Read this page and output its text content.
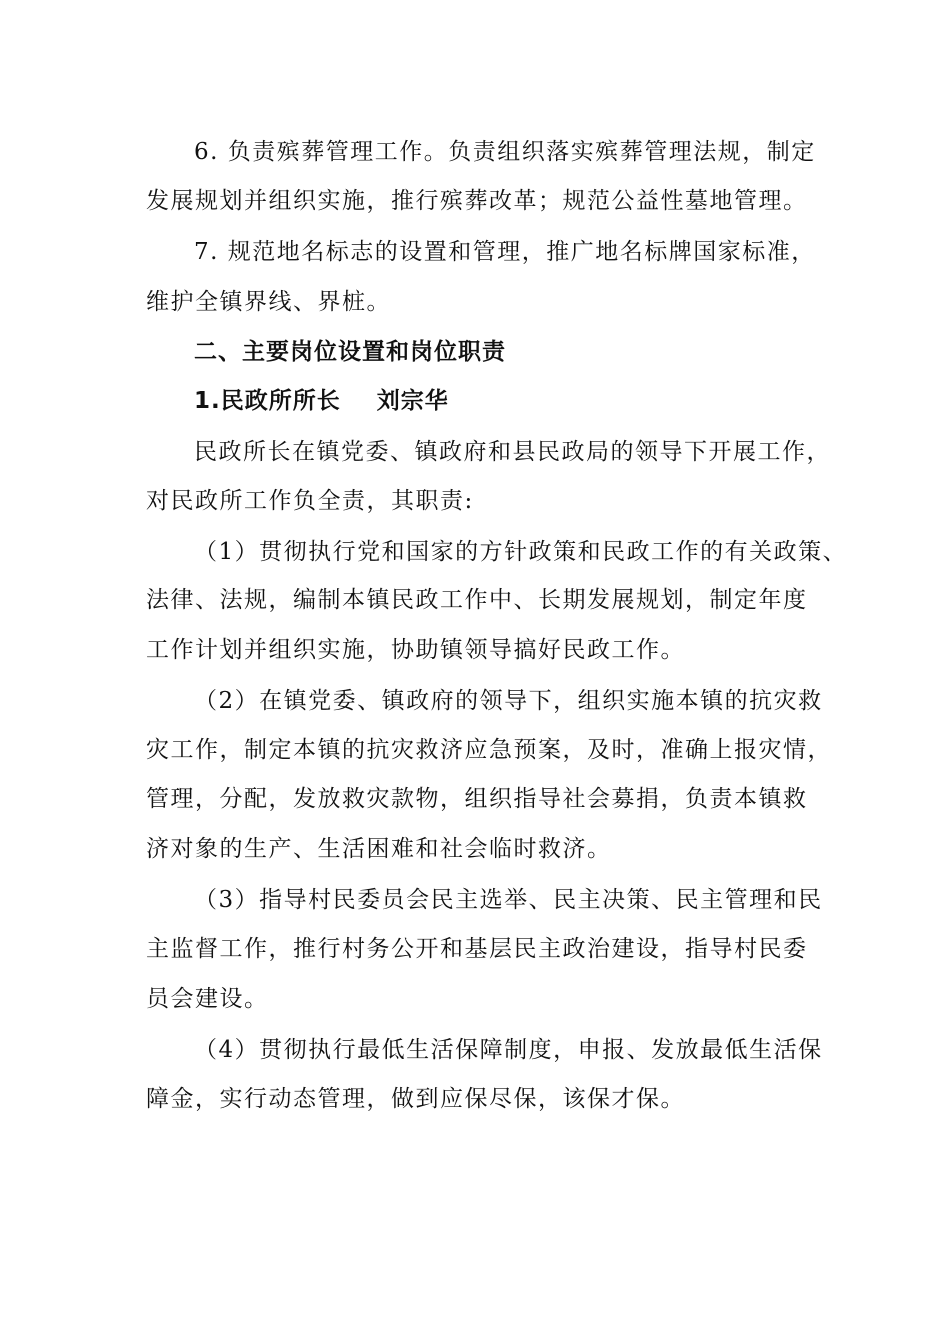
6. 负责殡葬管理工作。负责组织落实殡葬管理法规，制定
发展规划并组织实施，推行殡葬改革；规范公益性墓地管理。
7. 规范地名标志的设置和管理，推广地名标牌国家标准，
维护全镇界线、界桩。
二、主要岗位设置和岗位职责
1.民政所所长 刘宗华
民政所长在镇党委、镇政府和县民政局的领导下开展工作，
对民政所工作负全责，其职责:
（1）贯彻执行党和国家的方针政策和民政工作的有关政策、
法律、法规，编制本镇民政工作中、长期发展规划，制定年度
工作计划并组织实施，协助镇领导搞好民政工作。
（2）在镇党委、镇政府的领导下，组织实施本镇的抗灾救
灾工作，制定本镇的抗灾救济应急预案，及时，准确上报灾情，
管理，分配，发放救灾款物，组织指导社会募捐，负责本镇救
济对象的生产、生活困难和社会临时救济。
（3）指导村民委员会民主选举、民主决策、民主管理和民
主监督工作，推行村务公开和基层民主政治建设，指导村民委
员会建设。
（4）贯彻执行最低生活保障制度，申报、发放最低生活保
障金，实行动态管理，做到应保尽保，该保才保。
